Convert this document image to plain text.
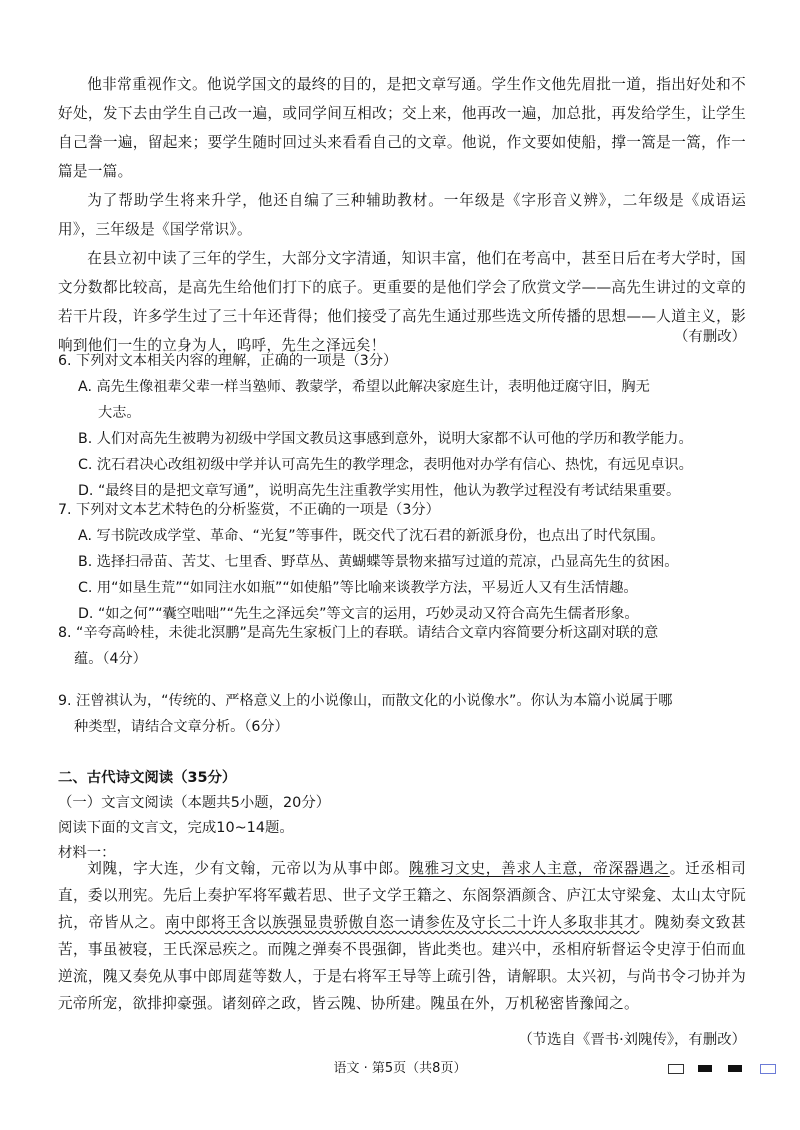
他非常重视作文。他说学国文的最终的目的，是把文章写通。学生作文他先眉批一道，指出好处和不好处，发下去由学生自己改一遍，或同学间互相改；交上来，他再改一遍，加总批，再发给学生，让学生自己誊一遍，留起来；要学生随时回过头来看看自己的文章。他说，作文要如使船，撑一篙是一篙，作一篇是一篇。
为了帮助学生将来升学，他还自编了三种辅助教材。一年级是《字形音义辨》，二年级是《成语运用》，三年级是《国学常识》。
在县立初中读了三年的学生，大部分文字清通，知识丰富，他们在考高中，甚至日后在考大学时，国文分数都比较高，是高先生给他们打下的底子。更重要的是他们学会了欣赏文学——高先生讲过的文章的若干片段，许多学生过了三十年还背得；他们接受了高先生通过那些选文所传播的思想——人道主义，影响到他们一生的立身为人，呜呼，先生之泽远矣！	（有删改）
6. 下列对文本相关内容的理解，正确的一项是（3分）
A. 高先生像祖辈父辈一样当塾师、教蒙学，希望以此解决家庭生计，表明他迂腐守旧，胸无
大志。
B. 人们对高先生被聘为初级中学国文教员这事感到意外，说明大家都不认可他的学历和教学能力。
C. 沈石君决心改组初级中学并认可高先生的教学理念，表明他对办学有信心、热忱，有远见卓识。
D. “最终目的是把文章写通”，说明高先生注重教学实用性，他认为教学过程没有考试结果重要。
7. 下列对文本艺术特色的分析鉴赏，不正确的一项是（3分）
A. 写书院改成学堂、革命、“光复”等事件，既交代了沈石君的新派身份，也点出了时代氛围。
B. 选择扫帚苗、苦艾、七里香、野草丛、黄蝴蝶等景物来描写过道的荒凉，凸显高先生的贫困。
C. 用“如垦生荒”“如同注水如瓶”“如使船”等比喻来谈教学方法，平易近人又有生活情趣。
D. “如之何”“囊空咄咄”“先生之泽远矣”等文言的运用，巧妙灵动又符合高先生儒者形象。
8. “辛夸高岭桂，未徙北溟鹏”是高先生家板门上的春联。请结合文章内容简要分析这副对联的意
蕴。（4分）
9. 汪曾祺认为，“传统的、严格意义上的小说像山，而散文化的小说像水”。你认为本篇小说属于哪
种类型，请结合文章分析。（6分）
二、古代诗文阅读（35分）
（一）文言文阅读（本题共5小题，20分）
阅读下面的文言文，完成10~14题。
材料一：
刘隗，字大连，少有文翰，元帝以为从事中郎。隗雅习文史，善求人主意，帝深器遇之。迁丞相司直，委以刑宪。先后上奏护军将军戴若思、世子文学王籍之、东阁祭酒颜含、庐江太守梁龛、太山太守阮抗，帝皆从之。南中郎将王含以族强显贵骄傲自恣一请参佐及守长二十许人多取非其才。隗劾奏文致甚苦，事虽被寝，王氏深忌疾之。而隗之弹奏不畏强御，皆此类也。建兴中，丞相府斩督运令史淳于伯而血逆流，隗又奏免从事中郎周莚等数人，于是右将军王导等上疏引咎，请解职。太兴初，与尚书令刁协并为元帝所宠，欲排抑豪强。诸刻碎之政，皆云隗、协所建。隗虽在外，万机秘密皆豫闻之。
（节选自《晋书·刘隗传》，有删改）
语文 · 第5页（共8页）
